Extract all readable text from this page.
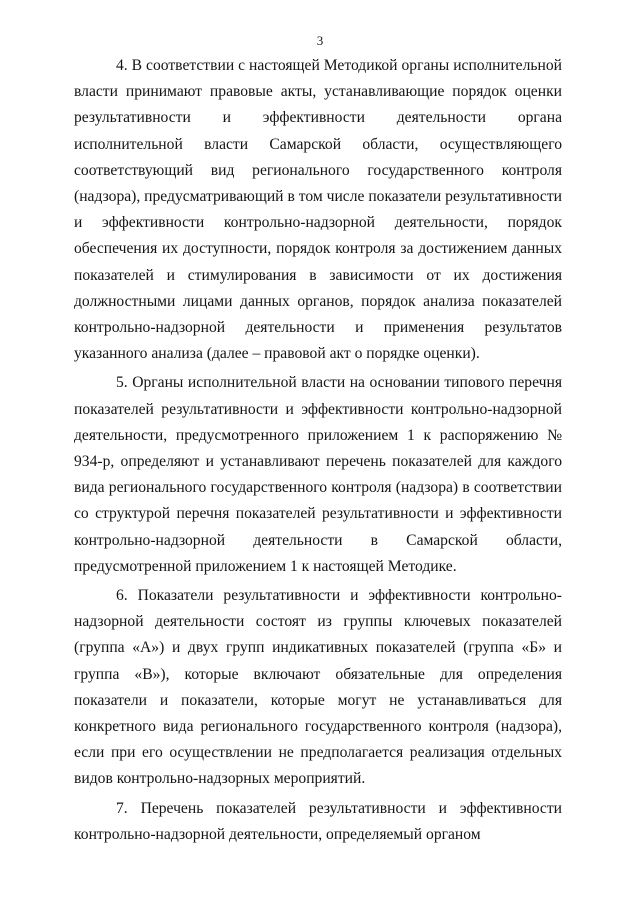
3

4. В соответствии с настоящей Методикой органы исполнительной власти принимают правовые акты, устанавливающие порядок оценки результативности и эффективности деятельности органа исполнительной власти Самарской области, осуществляющего соответствующий вид регионального государственного контроля (надзора), предусматривающий в том числе показатели результативности и эффективности контрольно-надзорной деятельности, порядок обеспечения их доступности, порядок контроля за достижением данных показателей и стимулирования в зависимости от их достижения должностными лицами данных органов, порядок анализа показателей контрольно-надзорной деятельности и применения результатов указанного анализа (далее – правовой акт о порядке оценки).

5. Органы исполнительной власти на основании типового перечня показателей результативности и эффективности контрольно-надзорной деятельности, предусмотренного приложением 1 к распоряжению № 934-р, определяют и устанавливают перечень показателей для каждого вида регионального государственного контроля (надзора) в соответствии со структурой перечня показателей результативности и эффективности контрольно-надзорной деятельности в Самарской области, предусмотренной приложением 1 к настоящей Методике.

6. Показатели результативности и эффективности контрольно-надзорной деятельности состоят из группы ключевых показателей (группа «А») и двух групп индикативных показателей (группа «Б» и группа «В»), которые включают обязательные для определения показатели и показатели, которые могут не устанавливаться для конкретного вида регионального государственного контроля (надзора), если при его осуществлении не предполагается реализация отдельных видов контрольно-надзорных мероприятий.

7. Перечень показателей результативности и эффективности контрольно-надзорной деятельности, определяемый органом
